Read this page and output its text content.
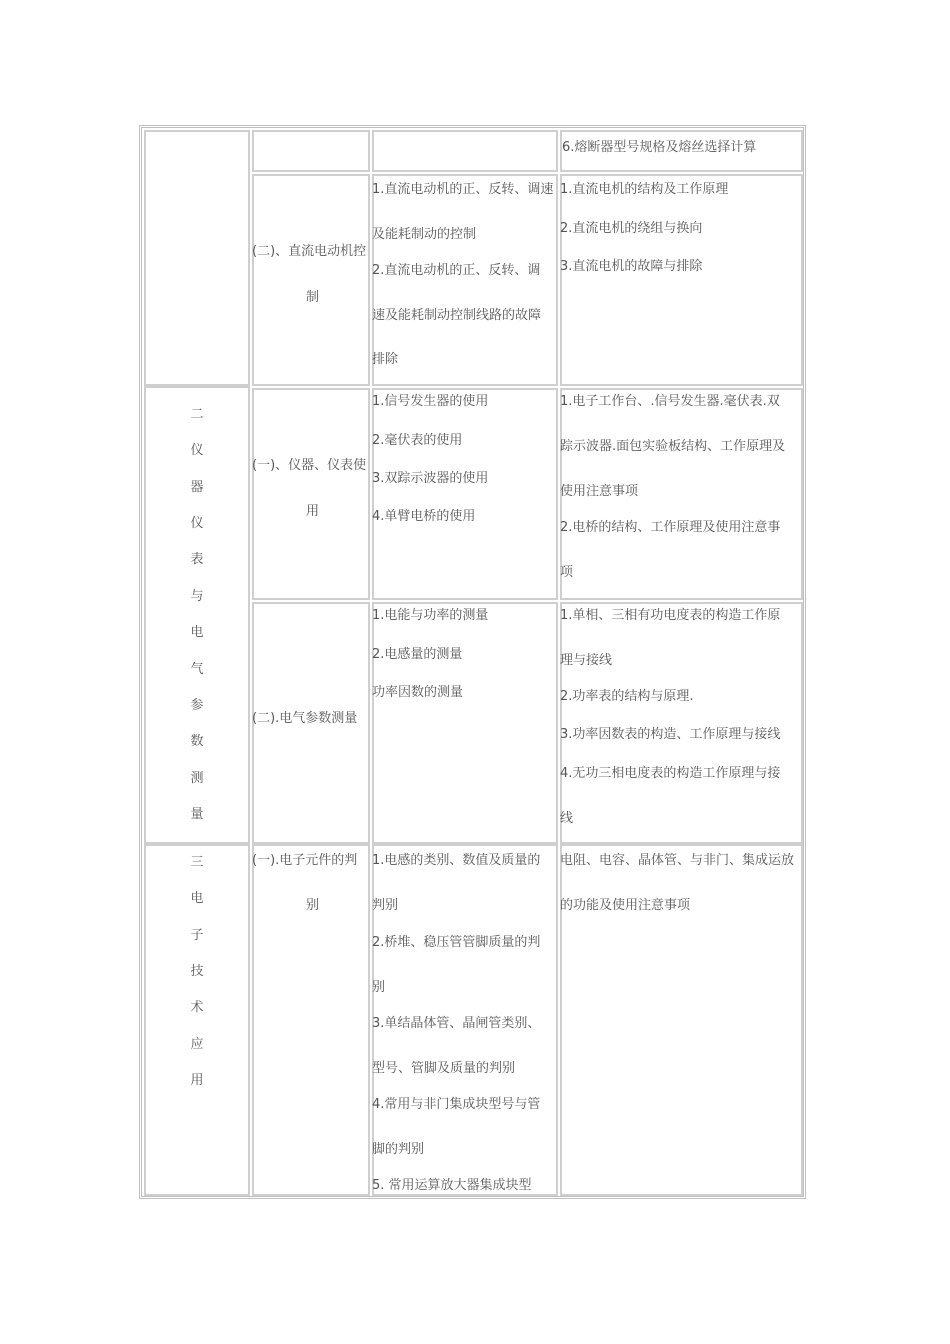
6.熔断器型号规格及熔丝选择计算
(二)、直流电动机控
制
1.直流电动机的正、反转、调速
及能耗制动的控制
2.直流电动机的正、反转、调
速及能耗制动控制线路的故障
排除
1.直流电机的结构及工作原理
2.直流电机的绕组与换向
3.直流电机的故障与排除
二
仪
器
仪
表
与
电
气
参
数
测
量
(一)、仪器、仪表使
用
1.信号发生器的使用
2.毫伏表的使用
3.双踪示波器的使用
4.单臂电桥的使用
1.电子工作台、.信号发生器.毫伏表.双
踪示波器.面包实验板结构、工作原理及
使用注意事项
2.电桥的结构、工作原理及使用注意事
项
(二).电气参数测量
1.电能与功率的测量
2.电感量的测量
功率因数的测量
1.单相、三相有功电度表的构造工作原
理与接线
2.功率表的结构与原理.
3.功率因数表的构造、工作原理与接线
4.无功三相电度表的构造工作原理与接
线
三
电
子
技
术
应
用
(一).电子元件的判
别
1.电感的类别、数值及质量的
判别
2.桥堆、稳压管管脚质量的判
别
3.单结晶体管、晶闸管类别、
型号、管脚及质量的判别
4.常用与非门集成块型号与管
脚的判别
5. 常用运算放大器集成块型
电阻、电容、晶体管、与非门、集成运放
的功能及使用注意事项
